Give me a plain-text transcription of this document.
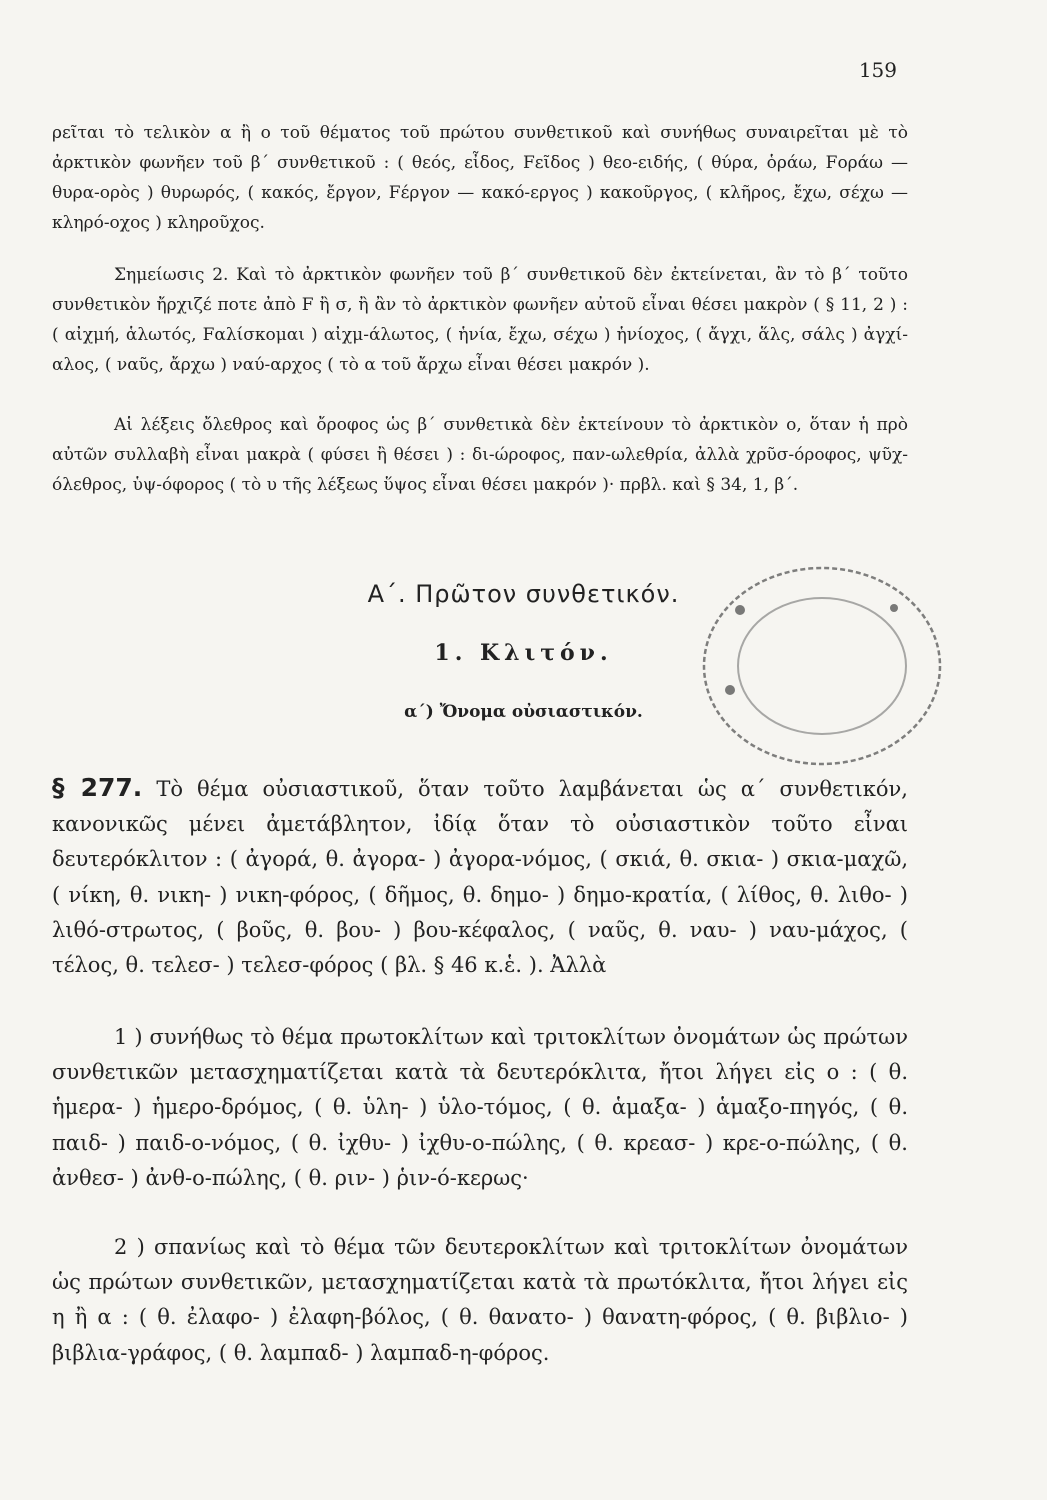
159

ρεῖται τὸ τελικὸν α ἢ ο τοῦ θέματος τοῦ πρώτου συνθετικοῦ καὶ συνήθως συναιρεῖται μὲ τὸ ἀρκτικὸν φωνῆεν τοῦ β΄ συνθετικοῦ : ( θεός, εἶδος, Fεῖδος ) θεο-ειδής, ( θύρα, ὁράω, Fοράω — θυρα-ορὸς ) θυρωρός, ( κακός, ἔργον, Fέργον — κακό-εργος ) κακοῦργος, ( κλῆρος, ἔχω, σέχω — κληρό-οχος ) κληροῦχος.

Σημείωσις 2. Καὶ τὸ ἀρκτικὸν φωνῆεν τοῦ β΄ συνθετικοῦ δὲν ἐκτείνεται, ἂν τὸ β΄ τοῦτο συνθετικὸν ἤρχιζέ ποτε ἀπὸ F ἢ σ, ἢ ἂν τὸ ἀρκτικὸν φωνῆεν αὐτοῦ εἶναι θέσει μακρὸν ( § 11, 2 ) : ( αἰχμή, ἁλωτός, Fαλίσκομαι ) αἰχμ-άλωτος, ( ἡνία, ἔχω, σέχω ) ἡνίοχος, ( ἄγχι, ἅλς, σάλς ) ἀγχί-αλος, ( ναῦς, ἄρχω ) ναύ-αρχος ( τὸ α τοῦ ἄρχω εἶναι θέσει μακρόν ).

Αἱ λέξεις ὄλεθρος καὶ ὄροφος ὡς β΄ συνθετικὰ δὲν ἐκτείνουν τὸ ἀρκτικὸν ο, ὅταν ἡ πρὸ αὐτῶν συλλαβὴ εἶναι μακρὰ ( φύσει ἢ θέσει ) : δι-ώροφος, παν-ωλεθρία, ἀλλὰ χρῦσ-όροφος, ψῦχ-όλεθρος, ὑψ-όφορος ( τὸ υ τῆς λέξεως ὕψος εἶναι θέσει μακρόν )· πρβλ. καὶ § 34, 1, β΄.

Α΄. Πρῶτον συνθετικόν.
1. Κλιτόν.
α΄) Ὄνομα οὐσιαστικόν.

§ 277. Τὸ θέμα οὐσιαστικοῦ, ὅταν τοῦτο λαμβάνεται ὡς α΄ συνθετικόν, κανονικῶς μένει ἀμετάβλητον, ἰδίᾳ ὅταν τὸ οὐσιαστικὸν τοῦτο εἶναι δευτερόκλιτον : ( ἀγορά, θ. ἀγορα- ) ἀγορα-νόμος, ( σκιά, θ. σκια- ) σκια-μαχῶ, ( νίκη, θ. νικη- ) νικη-φόρος, ( δῆμος, θ. δημο- ) δημο-κρατία, ( λίθος, θ. λιθο- ) λιθό-στρωτος, ( βοῦς, θ. βου- ) βου-κέφαλος, ( ναῦς, θ. ναυ- ) ναυ-μάχος, ( τέλος, θ. τελεσ- ) τελεσ-φόρος ( βλ. § 46 κ.ἑ. ). Ἀλλὰ

1 ) συνήθως τὸ θέμα πρωτοκλίτων καὶ τριτοκλίτων ὀνομάτων ὡς πρώτων συνθετικῶν μετασχηματίζεται κατὰ τὰ δευτερόκλιτα, ἤτοι λήγει εἰς ο : ( θ. ἡμερα- ) ἡμερο-δρόμος, ( θ. ὑλη- ) ὑλο-τόμος, ( θ. ἁμαξα- ) ἁμαξο-πηγός, ( θ. παιδ- ) παιδ-ο-νόμος, ( θ. ἰχθυ- ) ἰχθυ-ο-πώλης, ( θ. κρεασ- ) κρε-ο-πώλης, ( θ. ἀνθεσ- ) ἀνθ-ο-πώλης, ( θ. ριν- ) ῥιν-ό-κερως·

2 ) σπανίως καὶ τὸ θέμα τῶν δευτεροκλίτων καὶ τριτοκλίτων ὀνομάτων ὡς πρώτων συνθετικῶν, μετασχηματίζεται κατὰ τὰ πρωτόκλιτα, ἤτοι λήγει εἰς η ἢ α : ( θ. ἐλαφο- ) ἐλαφη-βόλος, ( θ. θανατο- ) θανατη-φόρος, ( θ. βιβλιο- ) βιβλια-γράφος, ( θ. λαμπαδ- ) λαμπαδ-η-φόρος.
